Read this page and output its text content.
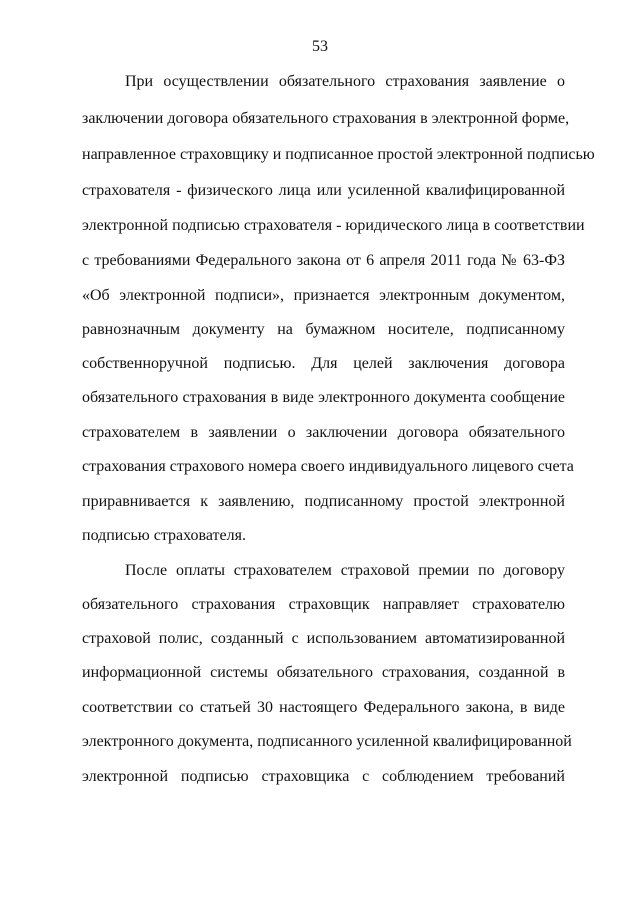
53
При осуществлении обязательного страхования заявление о
заключении договора обязательного страхования в электронной форме,
направленное страховщику и подписанное простой электронной подписью
страхователя - физического лица или усиленной квалифицированной
электронной подписью страхователя - юридического лица в соответствии
с требованиями Федерального закона от 6 апреля 2011 года № 63-ФЗ
«Об электронной подписи», признается электронным документом,
равнозначным документу на бумажном носителе, подписанному
собственноручной подписью. Для целей заключения договора
обязательного страхования в виде электронного документа сообщение
страхователем в заявлении о заключении договора обязательного
страхования страхового номера своего индивидуального лицевого счета
приравнивается к заявлению, подписанному простой электронной
подписью страхователя.
После оплаты страхователем страховой премии по договору
обязательного страхования страховщик направляет страхователю
страховой полис, созданный с использованием автоматизированной
информационной системы обязательного страхования, созданной в
соответствии со статьей 30 настоящего Федерального закона, в виде
электронного документа, подписанного усиленной квалифицированной
электронной подписью страховщика с соблюдением требований
